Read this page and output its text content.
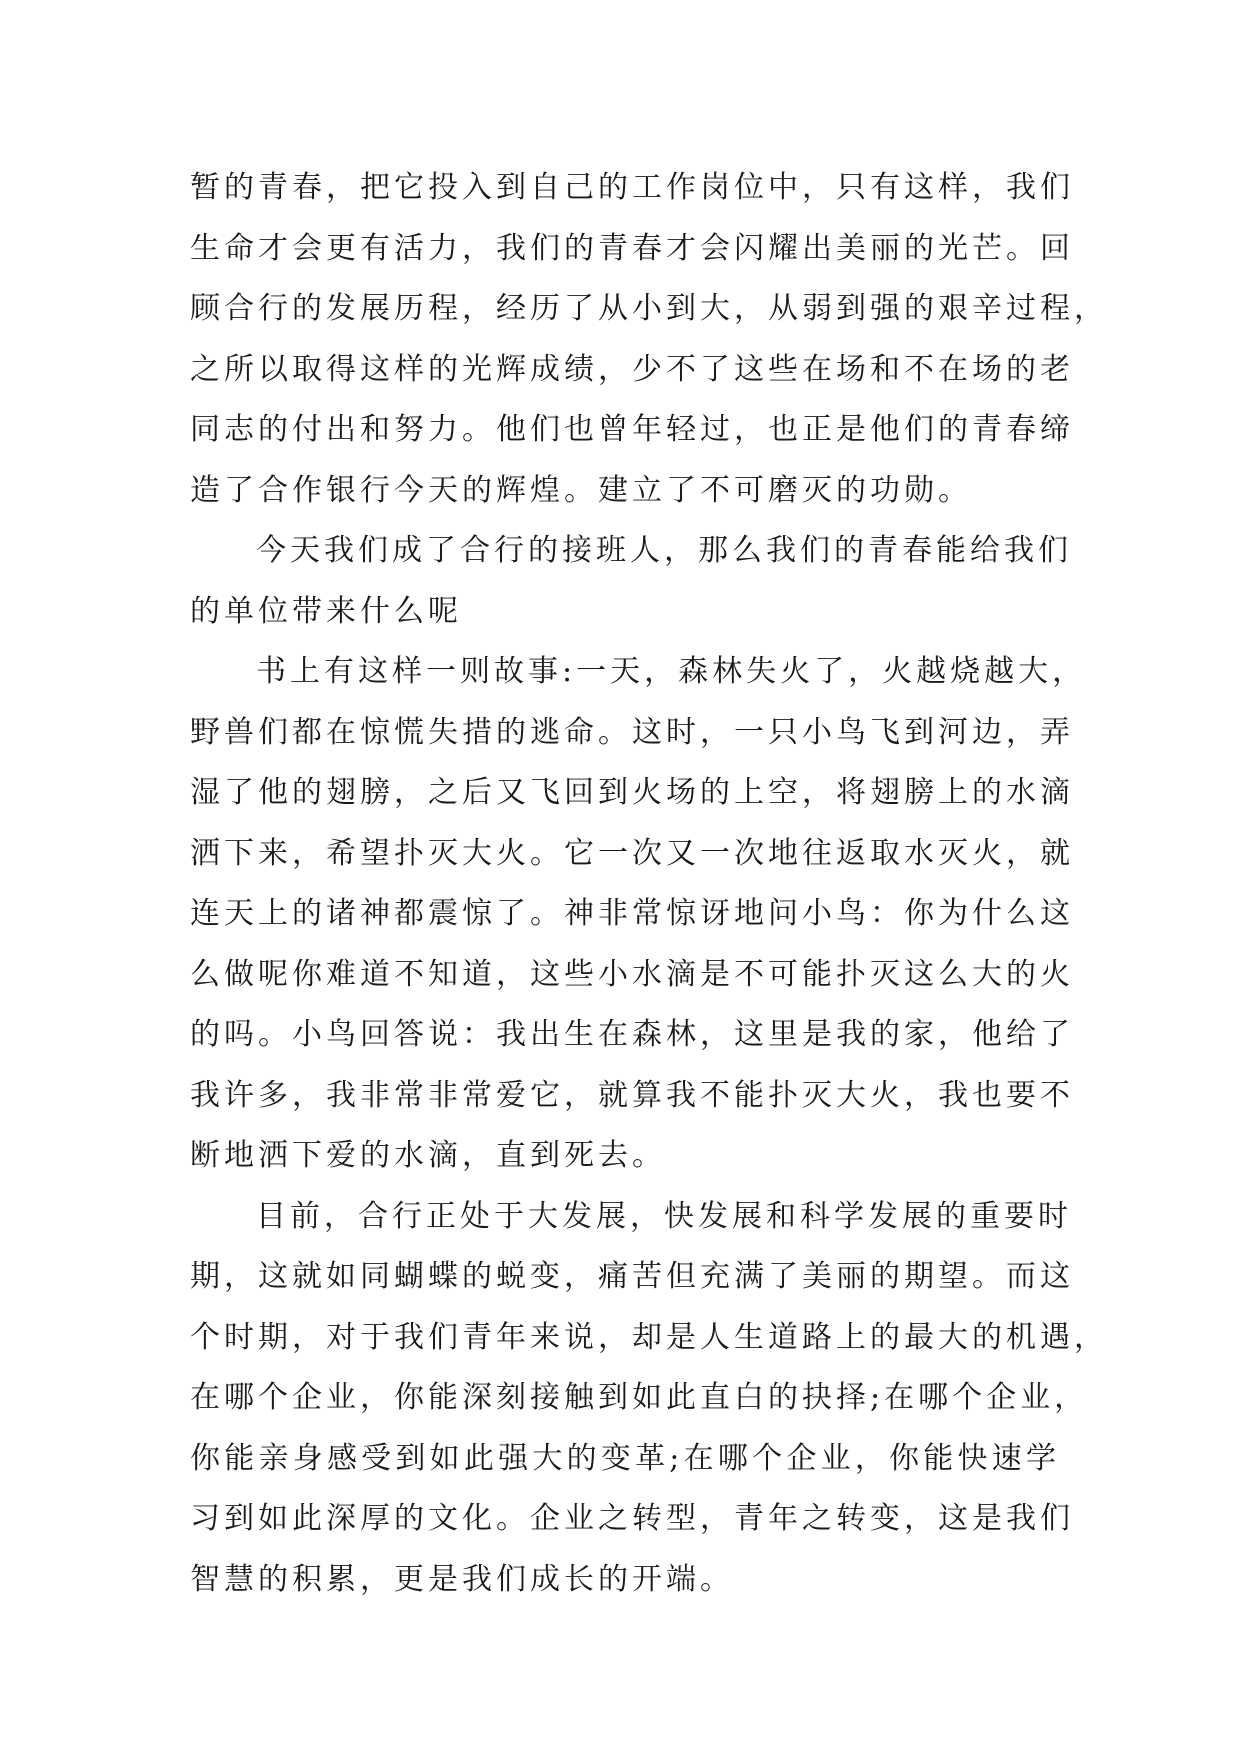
暂的青春，把它投入到自己的工作岗位中，只有这样，我们
生命才会更有活力，我们的青春才会闪耀出美丽的光芒。回
顾合行的发展历程，经历了从小到大，从弱到强的艰辛过程，
之所以取得这样的光辉成绩，少不了这些在场和不在场的老
同志的付出和努力。他们也曾年轻过，也正是他们的青春缔
造了合作银行今天的辉煌。建立了不可磨灭的功勋。
今天我们成了合行的接班人，那么我们的青春能给我们
的单位带来什么呢
书上有这样一则故事:一天，森林失火了，火越烧越大，
野兽们都在惊慌失措的逃命。这时，一只小鸟飞到河边，弄
湿了他的翅膀，之后又飞回到火场的上空，将翅膀上的水滴
洒下来，希望扑灭大火。它一次又一次地往返取水灭火，就
连天上的诸神都震惊了。神非常惊讶地问小鸟：你为什么这
么做呢你难道不知道，这些小水滴是不可能扑灭这么大的火
的吗。小鸟回答说：我出生在森林，这里是我的家，他给了
我许多，我非常非常爱它，就算我不能扑灭大火，我也要不
断地洒下爱的水滴，直到死去。
目前，合行正处于大发展，快发展和科学发展的重要时
期，这就如同蝴蝶的蜕变，痛苦但充满了美丽的期望。而这
个时期，对于我们青年来说，却是人生道路上的最大的机遇，
在哪个企业，你能深刻接触到如此直白的抉择;在哪个企业，
你能亲身感受到如此强大的变革;在哪个企业，你能快速学
习到如此深厚的文化。企业之转型，青年之转变，这是我们
智慧的积累，更是我们成长的开端。
